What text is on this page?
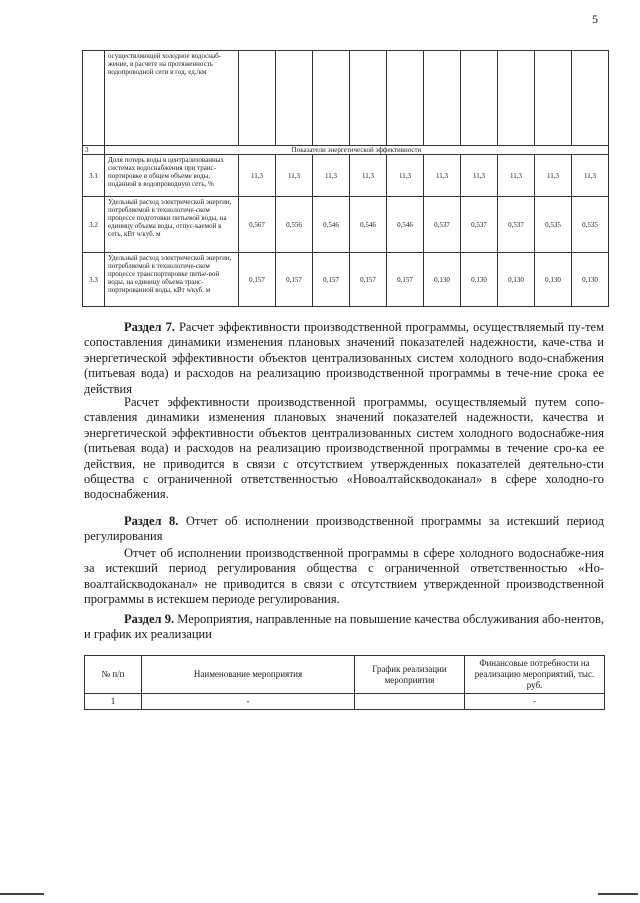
5
	осуществляющей холодное водоснаб-жение, в расчете на протяженность водопроводной сети в год, ед./км										
3	Показатели энергетической эффективности										
3.1	Доля потерь воды в централизованных системах водоснабжения при транс-портировке в общем объеме воды, поданной в водопроводную сеть, %	11,3	11,3	11,3	11,3	11,3	11,3	11,3	11,3	11,3	11,3
3.2	Удельный расход электрической энергии, потребляемой в технологиче-ском процессе подготовки питьевой воды, на единицу объема воды, отпус-каемой в сеть, кВт ч/куб. м	0,567	0,556	0,546	0,546	0,546	0,537	0,537	0,537	0,535	0,535
3.3	Удельный расход электрической энергии, потребляемой в технологиче-ском процессе транспортировке питье-вой воды, на единицу объема транс-портированной воды, кВт ч/куб. м	0,157	0,157	0,157	0,157	0,157	0,130	0,130	0,130	0,130	0,130

Раздел 7. Расчет эффективности производственной программы, осуществляемый пу-тем сопоставления динамики изменения плановых значений показателей надежности, каче-ства и энергетической эффективности объектов централизованных систем холодного водо-снабжения (питьевая вода) и расходов на реализацию производственной программы в тече-ние срока ее действия

Расчет эффективности производственной программы, осуществляемый путем сопо-ставления динамики изменения плановых значений показателей надежности, качества и энергетической эффективности объектов централизованных систем холодного водоснабже-ния (питьевая вода) и расходов на реализацию производственной программы в течение сро-ка ее действия, не приводится в связи с отсутствием утвержденных показателей деятельно-сти общества с ограниченной ответственностью «Новоалтайскводоканал» в сфере холодно-го водоснабжения.

Раздел 8. Отчет об исполнении производственной программы за истекший период регулирования

Отчет об исполнении производственной программы в сфере холодного водоснабже-ния за истекший период регулирования общества с ограниченной ответственностью «Но-воалтайскводоканал» не приводится в связи с отсутствием утвержденной производственной программы в истекшем периоде регулирования.

Раздел 9. Мероприятия, направленные на повышение качества обслуживания або-нентов, и график их реализации

№ п/п	Наименование мероприятия	График реализации мероприятия	Финансовые потребности на реализацию мероприятий, тыс. руб.
1	-		-
